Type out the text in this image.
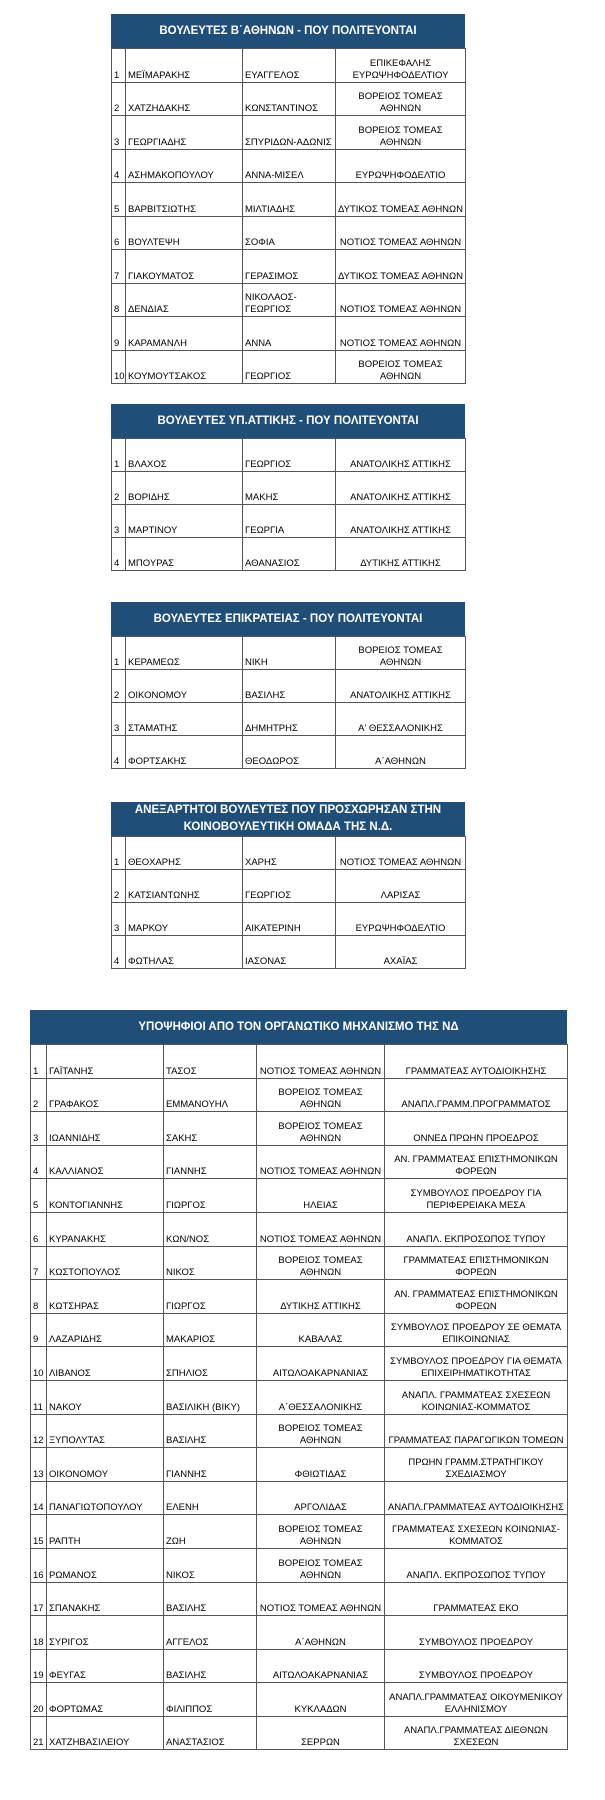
ΒΟΥΛΕΥΤΕΣ Β΄ΑΘΗΝΩΝ - ΠΟΥ ΠΟΛΙΤΕΥΟΝΤΑΙ
1	ΜΕΪΜΑΡΑΚΗΣ	ΕΥΑΓΓΕΛΟΣ	ΕΠΙΚΕΦΑΛΗΣ ΕΥΡΩΨΗΦΟΔΕΛΤΙΟΥ
2	ΧΑΤΖΗΔΑΚΗΣ	ΚΩΝΣΤΑΝΤΙΝΟΣ	ΒΟΡΕΙΟΣ ΤΟΜΕΑΣ ΑΘΗΝΩΝ
3	ΓΕΩΡΓΙΑΔΗΣ	ΣΠΥΡΙΔΩΝ-ΑΔΩΝΙΣ	ΒΟΡΕΙΟΣ ΤΟΜΕΑΣ ΑΘΗΝΩΝ
4	ΑΣΗΜΑΚΟΠΟΥΛΟΥ	ΑΝΝΑ-ΜΙΣΕΛ	ΕΥΡΩΨΗΦΟΔΕΛΤΙΟ
5	ΒΑΡΒΙΤΣΙΩΤΗΣ	ΜΙΛΤΙΑΔΗΣ	ΔΥΤΙΚΟΣ ΤΟΜΕΑΣ ΑΘΗΝΩΝ
6	ΒΟΥΛΤΕΨΗ	ΣΟΦΙΑ	ΝΟΤΙΟΣ ΤΟΜΕΑΣ ΑΘΗΝΩΝ
7	ΓΙΑΚΟΥΜΑΤΟΣ	ΓΕΡΑΣΙΜΟΣ	ΔΥΤΙΚΟΣ ΤΟΜΕΑΣ ΑΘΗΝΩΝ
8	ΔΕΝΔΙΑΣ	ΝΙΚΟΛΑΟΣ-ΓΕΩΡΓΙΟΣ	ΝΟΤΙΟΣ ΤΟΜΕΑΣ ΑΘΗΝΩΝ
9	ΚΑΡΑΜΑΝΛΗ	ΑΝΝΑ	ΝΟΤΙΟΣ ΤΟΜΕΑΣ ΑΘΗΝΩΝ
10	ΚΟΥΜΟΥΤΣΑΚΟΣ	ΓΕΩΡΓΙΟΣ	ΒΟΡΕΙΟΣ ΤΟΜΕΑΣ ΑΘΗΝΩΝ
ΒΟΥΛΕΥΤΕΣ ΥΠ.ΑΤΤΙΚΗΣ - ΠΟΥ ΠΟΛΙΤΕΥΟΝΤΑΙ
1	ΒΛΑΧΟΣ	ΓΕΩΡΓΙΟΣ	ΑΝΑΤΟΛΙΚΗΣ ΑΤΤΙΚΗΣ
2	ΒΟΡΙΔΗΣ	ΜΑΚΗΣ	ΑΝΑΤΟΛΙΚΗΣ ΑΤΤΙΚΗΣ
3	ΜΑΡΤΙΝΟΥ	ΓΕΩΡΓΙΑ	ΑΝΑΤΟΛΙΚΗΣ ΑΤΤΙΚΗΣ
4	ΜΠΟΥΡΑΣ	ΑΘΑΝΑΣΙΟΣ	ΔΥΤΙΚΗΣ ΑΤΤΙΚΗΣ
ΒΟΥΛΕΥΤΕΣ ΕΠΙΚΡΑΤΕΙΑΣ - ΠΟΥ ΠΟΛΙΤΕΥΟΝΤΑΙ
1	ΚΕΡΑΜΕΩΣ	ΝΙΚΗ	ΒΟΡΕΙΟΣ ΤΟΜΕΑΣ ΑΘΗΝΩΝ
2	ΟΙΚΟΝΟΜΟΥ	ΒΑΣΙΛΗΣ	ΑΝΑΤΟΛΙΚΗΣ ΑΤΤΙΚΗΣ
3	ΣΤΑΜΑΤΗΣ	ΔΗΜΗΤΡΗΣ	Α' ΘΕΣΣΑΛΟΝΙΚΗΣ
4	ΦΟΡΤΣΑΚΗΣ	ΘΕΟΔΩΡΟΣ	Α΄ΑΘΗΝΩΝ
ΑΝΕΞΑΡΤΗΤΟΙ ΒΟΥΛΕΥΤΕΣ ΠΟΥ ΠΡΟΣΧΩΡΗΣΑΝ ΣΤΗΝ ΚΟΙΝΟΒΟΥΛΕΥΤΙΚΗ ΟΜΑΔΑ ΤΗΣ Ν.Δ.
1	ΘΕΟΧΑΡΗΣ	ΧΑΡΗΣ	ΝΟΤΙΟΣ ΤΟΜΕΑΣ ΑΘΗΝΩΝ
2	ΚΑΤΣΙΑΝΤΩΝΗΣ	ΓΕΩΡΓΙΟΣ	ΛΑΡΙΣΑΣ
3	ΜΑΡΚΟΥ	ΑΙΚΑΤΕΡΙΝΗ	ΕΥΡΩΨΗΦΟΔΕΛΤΙΟ
4	ΦΩΤΗΛΑΣ	ΙΑΣΟΝΑΣ	ΑΧΑΪΑΣ
ΥΠΟΨΗΦΙΟΙ ΑΠΟ ΤΟΝ ΟΡΓΑΝΩΤΙΚΟ ΜΗΧΑΝΙΣΜΟ ΤΗΣ ΝΔ
1	ΓΑΪΤΑΝΗΣ	ΤΑΣΟΣ	ΝΟΤΙΟΣ ΤΟΜΕΑΣ ΑΘΗΝΩΝ	ΓΡΑΜΜΑΤΕΑΣ ΑΥΤΟΔΙΟΙΚΗΣΗΣ
2	ΓΡΑΦΑΚΟΣ	ΕΜΜΑΝΟΥΗΛ	ΒΟΡΕΙΟΣ ΤΟΜΕΑΣ ΑΘΗΝΩΝ	ΑΝΑΠΛ.ΓΡΑΜΜ.ΠΡΟΓΡΑΜΜΑΤΟΣ
3	ΙΩΑΝΝΙΔΗΣ	ΣΑΚΗΣ	ΒΟΡΕΙΟΣ ΤΟΜΕΑΣ ΑΘΗΝΩΝ	ΟΝΝΕΔ ΠΡΩΗΝ ΠΡΟΕΔΡΟΣ
4	ΚΑΛΛΙΑΝΟΣ	ΓΙΑΝΝΗΣ	ΝΟΤΙΟΣ ΤΟΜΕΑΣ ΑΘΗΝΩΝ	ΑΝ. ΓΡΑΜΜΑΤΕΑΣ ΕΠΙΣΤΗΜΟΝΙΚΩΝ ΦΟΡΕΩΝ
5	ΚΟΝΤΟΓΙΑΝΝΗΣ	ΓΙΩΡΓΟΣ	ΗΛΕΙΑΣ	ΣΥΜΒΟΥΛΟΣ ΠΡΟΕΔΡΟΥ ΓΙΑ ΠΕΡΙΦΕΡΕΙΑΚΑ ΜΕΣΑ
6	ΚΥΡΑΝΑΚΗΣ	ΚΩΝ/ΝΟΣ	ΝΟΤΙΟΣ ΤΟΜΕΑΣ ΑΘΗΝΩΝ	ΑΝΑΠΛ. ΕΚΠΡΟΣΩΠΟΣ ΤΥΠΟΥ
7	ΚΩΣΤΟΠΟΥΛΟΣ	ΝΙΚΟΣ	ΒΟΡΕΙΟΣ ΤΟΜΕΑΣ ΑΘΗΝΩΝ	ΓΡΑΜΜΑΤΕΑΣ ΕΠΙΣΤΗΜΟΝΙΚΩΝ ΦΟΡΕΩΝ
8	ΚΩΤΣΗΡΑΣ	ΓΙΩΡΓΟΣ	ΔΥΤΙΚΗΣ ΑΤΤΙΚΗΣ	ΑΝ. ΓΡΑΜΜΑΤΕΑΣ ΕΠΙΣΤΗΜΟΝΙΚΩΝ ΦΟΡΕΩΝ
9	ΛΑΖΑΡΙΔΗΣ	ΜΑΚΑΡΙΟΣ	ΚΑΒΑΛΑΣ	ΣΥΜΒΟΥΛΟΣ ΠΡΟΕΔΡΟΥ ΣΕ ΘΕΜΑΤΑ ΕΠΙΚΟΙΝΩΝΙΑΣ
10	ΛΙΒΑΝΟΣ	ΣΠΗΛΙΟΣ	ΑΙΤΩΛΟΑΚΑΡΝΑΝΙΑΣ	ΣΥΜΒΟΥΛΟΣ ΠΡΟΕΔΡΟΥ ΓΙΑ ΘΕΜΑΤΑ ΕΠΙΧΕΙΡΗΜΑΤΙΚΟΤΗΤΑΣ
11	ΝΑΚΟΥ	ΒΑΣΙΛΙΚΗ (ΒΙΚΥ)	Α΄ΘΕΣΣΑΛΟΝΙΚΗΣ	ΑΝΑΠΛ. ΓΡΑΜΜΑΤΕΑΣ ΣΧΕΣΕΩΝ ΚΟΙΝΩΝΙΑΣ-ΚΟΜΜΑΤΟΣ
12	ΞΥΠΟΛΥΤΑΣ	ΒΑΣΙΛΗΣ	ΒΟΡΕΙΟΣ ΤΟΜΕΑΣ ΑΘΗΝΩΝ	ΓΡΑΜΜΑΤΕΑΣ ΠΑΡΑΓΩΓΙΚΩΝ ΤΟΜΕΩΝ
13	ΟΙΚΟΝΟΜΟΥ	ΓΙΑΝΝΗΣ	ΦΘΙΩΤΙΔΑΣ	ΠΡΩΗΝ ΓΡΑΜΜ.ΣΤΡΑΤΗΓΙΚΟΥ ΣΧΕΔΙΑΣΜΟΥ
14	ΠΑΝΑΓΙΩΤΟΠΟΥΛΟΥ	ΕΛΕΝΗ	ΑΡΓΟΛΙΔΑΣ	ΑΝΑΠΛ.ΓΡΑΜΜΑΤΕΑΣ ΑΥΤΟΔΙΟΙΚΗΣΗΣ
15	ΡΑΠΤΗ	ΖΩΗ	ΒΟΡΕΙΟΣ ΤΟΜΕΑΣ ΑΘΗΝΩΝ	ΓΡΑΜΜΑΤΕΑΣ ΣΧΕΣΕΩΝ ΚΟΙΝΩΝΙΑΣ-ΚΟΜΜΑΤΟΣ
16	ΡΩΜΑΝΟΣ	ΝΙΚΟΣ	ΒΟΡΕΙΟΣ ΤΟΜΕΑΣ ΑΘΗΝΩΝ	ΑΝΑΠΛ. ΕΚΠΡΟΣΩΠΟΣ ΤΥΠΟΥ
17	ΣΠΑΝΑΚΗΣ	ΒΑΣΙΛΗΣ	ΝΟΤΙΟΣ ΤΟΜΕΑΣ ΑΘΗΝΩΝ	ΓΡΑΜΜΑΤΕΑΣ ΕΚΟ
18	ΣΥΡΙΓΟΣ	ΑΓΓΕΛΟΣ	Α΄ΑΘΗΝΩΝ	ΣΥΜΒΟΥΛΟΣ ΠΡΟΕΔΡΟΥ
19	ΦΕΥΓΑΣ	ΒΑΣΙΛΗΣ	ΑΙΤΩΛΟΑΚΑΡΝΑΝΙΑΣ	ΣΥΜΒΟΥΛΟΣ ΠΡΟΕΔΡΟΥ
20	ΦΟΡΤΩΜΑΣ	ΦΙΛΙΠΠΟΣ	ΚΥΚΛΑΔΩΝ	ΑΝΑΠΛ.ΓΡΑΜΜΑΤΕΑΣ ΟΙΚΟΥΜΕΝΙΚΟΥ ΕΛΛΗΝΙΣΜΟΥ
21	ΧΑΤΖΗΒΑΣΙΛΕΙΟΥ	ΑΝΑΣΤΑΣΙΟΣ	ΣΕΡΡΩΝ	ΑΝΑΠΛ.ΓΡΑΜΜΑΤΕΑΣ ΔΙΕΘΝΩΝ ΣΧΕΣΕΩΝ
